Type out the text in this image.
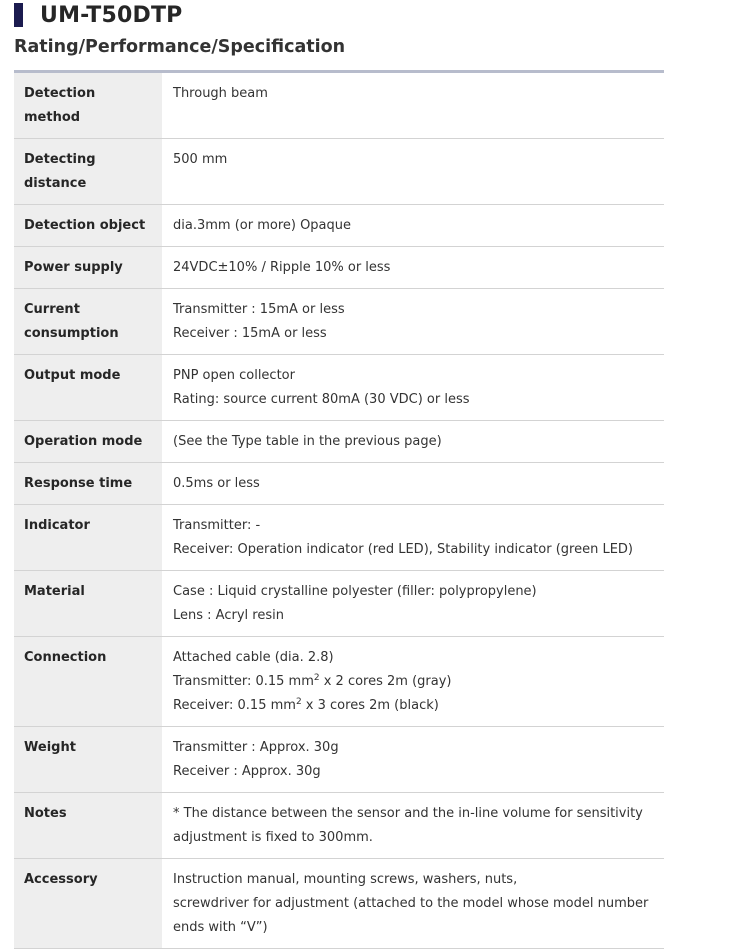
UM-T50DTP
Rating/Performance/Specification
Detection method	Through beam

Detecting distance	500 mm

Detection object	dia.3mm (or more) Opaque

Power supply	24VDC±10% / Ripple 10% or less

Current consumption	Transmitter : 15mA or less
Receiver : 15mA or less

Output mode	PNP open collector
Rating: source current 80mA (30 VDC) or less

Operation mode	(See the Type table in the previous page)

Response time	0.5ms or less

Indicator	Transmitter: -
Receiver: Operation indicator (red LED), Stability indicator (green LED)

Material	Case : Liquid crystalline polyester (filler: polypropylene)
Lens : Acryl resin

Connection	Attached cable (dia. 2.8)
Transmitter: 0.15 $mm^2$ x 2 cores 2m (gray)
Receiver: 0.15 $mm^2$ x 3 cores 2m (black)

Weight	Transmitter : Approx. 30g
Receiver : Approx. 30g

Notes	* The distance between the sensor and the in-line volume for sensitivity adjustment is fixed to 300mm.

Accessory	Instruction manual, mounting screws, washers, nuts,
screwdriver for adjustment (attached to the model whose model number ends with “V”)
